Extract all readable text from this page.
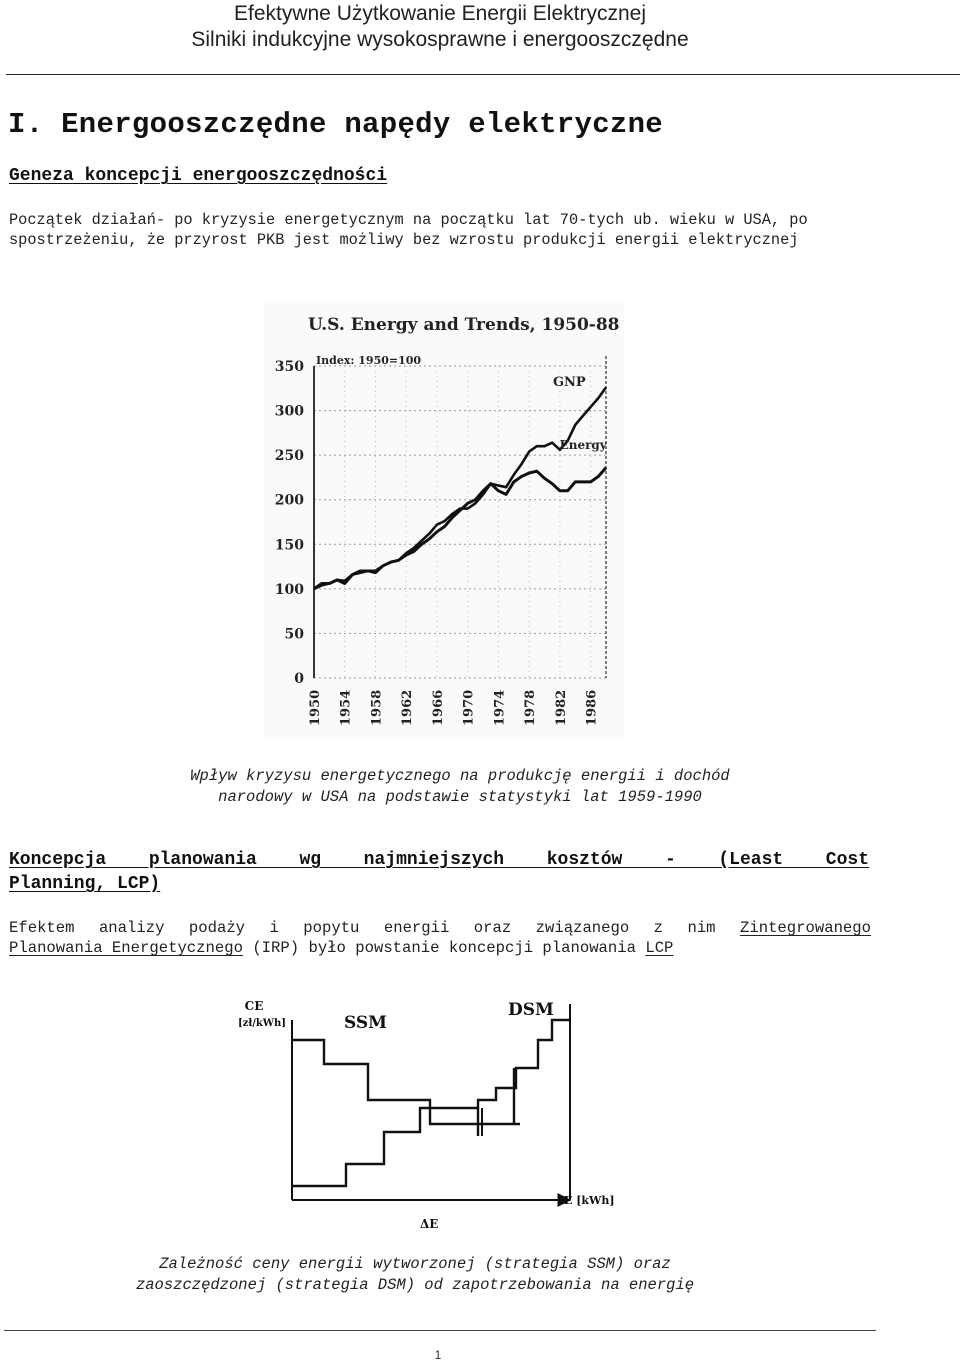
Efektywne Użytkowanie Energii Elektrycznej
Silniki indukcyjne wysokosprawne i energooszczędne
I. Energooszczędne napędy elektryczne
Geneza koncepcji energooszczędności
Początek działań- po kryzysie energetycznym na początku lat 70-tych ub. wieku w USA, po spostrzeżeniu, że przyrost PKB jest możliwy bez wzrostu produkcji energii elektrycznej
U.S. Energy and Trends, 1950-88
Index: 1950=100
0
50
100
150
200
250
300
350
1950 1954 1958 1962 1966 1970 1974 1978 1982 1986
GNP
Energy
Wpływ kryzysu energetycznego na produkcję energii i dochód
narodowy w USA na podstawie statystyki lat 1959-1990
Koncepcja planowania wg najmniejszych kosztów - (Least Cost
Planning, LCP)
Efektem analizy podaży i popytu energii oraz związanego z nim Zintegrowanego
Planowania Energetycznego (IRP) było powstanie koncepcji planowania LCP
CE
[zł/kWh]	SSM
DSM
E [kWh]
ΔE
Zależność ceny energii wytworzonej (strategia SSM) oraz
zaoszczędzonej (strategia DSM) od zapotrzebowania na energię
1
